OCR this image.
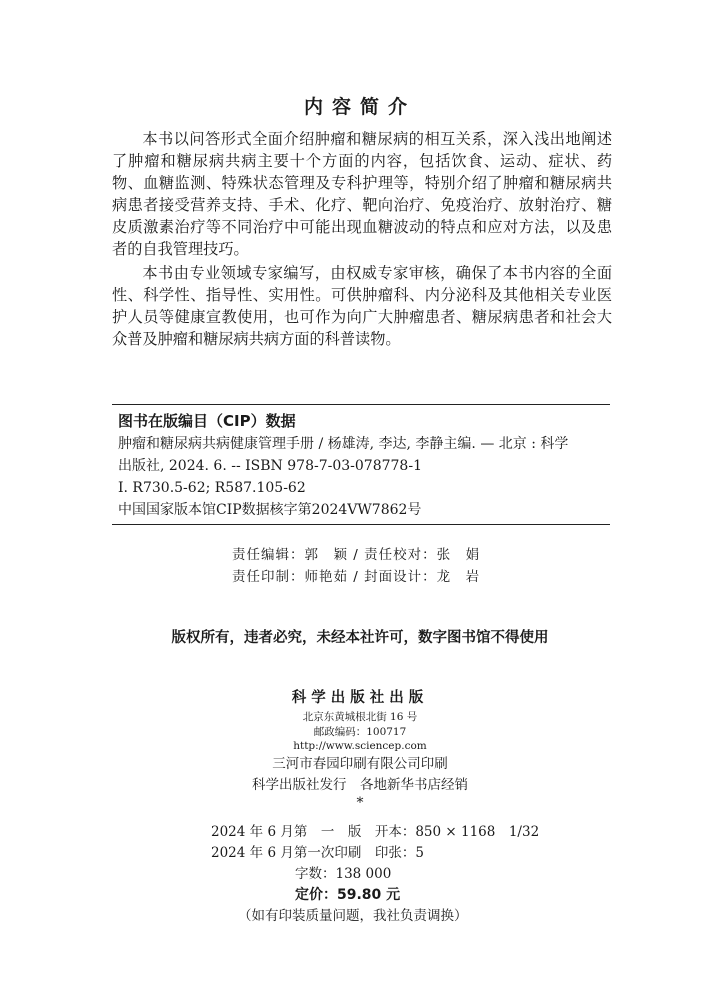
内容简介

本书以问答形式全面介绍肿瘤和糖尿病的相互关系，深入浅出地阐述了肿瘤和糖尿病共病主要十个方面的内容，包括饮食、运动、症状、药物、血糖监测、特殊状态管理及专科护理等，特别介绍了肿瘤和糖尿病共病患者接受营养支持、手术、化疗、靶向治疗、免疫治疗、放射治疗、糖皮质激素治疗等不同治疗中可能出现血糖波动的特点和应对方法，以及患者的自我管理技巧。

本书由专业领域专家编写，由权威专家审核，确保了本书内容的全面性、科学性、指导性、实用性。可供肿瘤科、内分泌科及其他相关专业医护人员等健康宣教使用，也可作为向广大肿瘤患者、糖尿病患者和社会大众普及肿瘤和糖尿病共病方面的科普读物。

图书在版编目（CIP）数据
肿瘤和糖尿病共病健康管理手册 / 杨雄涛, 李达, 李静主编. — 北京 : 科学
出版社, 2024. 6. -- ISBN 978-7-03-078778-1
Ⅰ. R730.5-62; R587.105-62
中国国家版本馆CIP数据核字第2024VW7862号
责任编辑：郭　颖 / 责任校对：张　娟
责任印制：师艳茹 / 封面设计：龙　岩
版权所有，违者必究，未经本社许可，数字图书馆不得使用
科学出版社出版
北京东黄城根北街 16 号
邮政编码：100717
http://www.sciencep.com
三河市春园印刷有限公司印刷
科学出版社发行　各地新华书店经销
*
2024 年 6 月第　一　版　开本：850 × 1168　1/32
2024 年 6 月第一次印刷　印张：5
字数：138 000
定价：59.80 元
（如有印装质量问题，我社负责调换）
